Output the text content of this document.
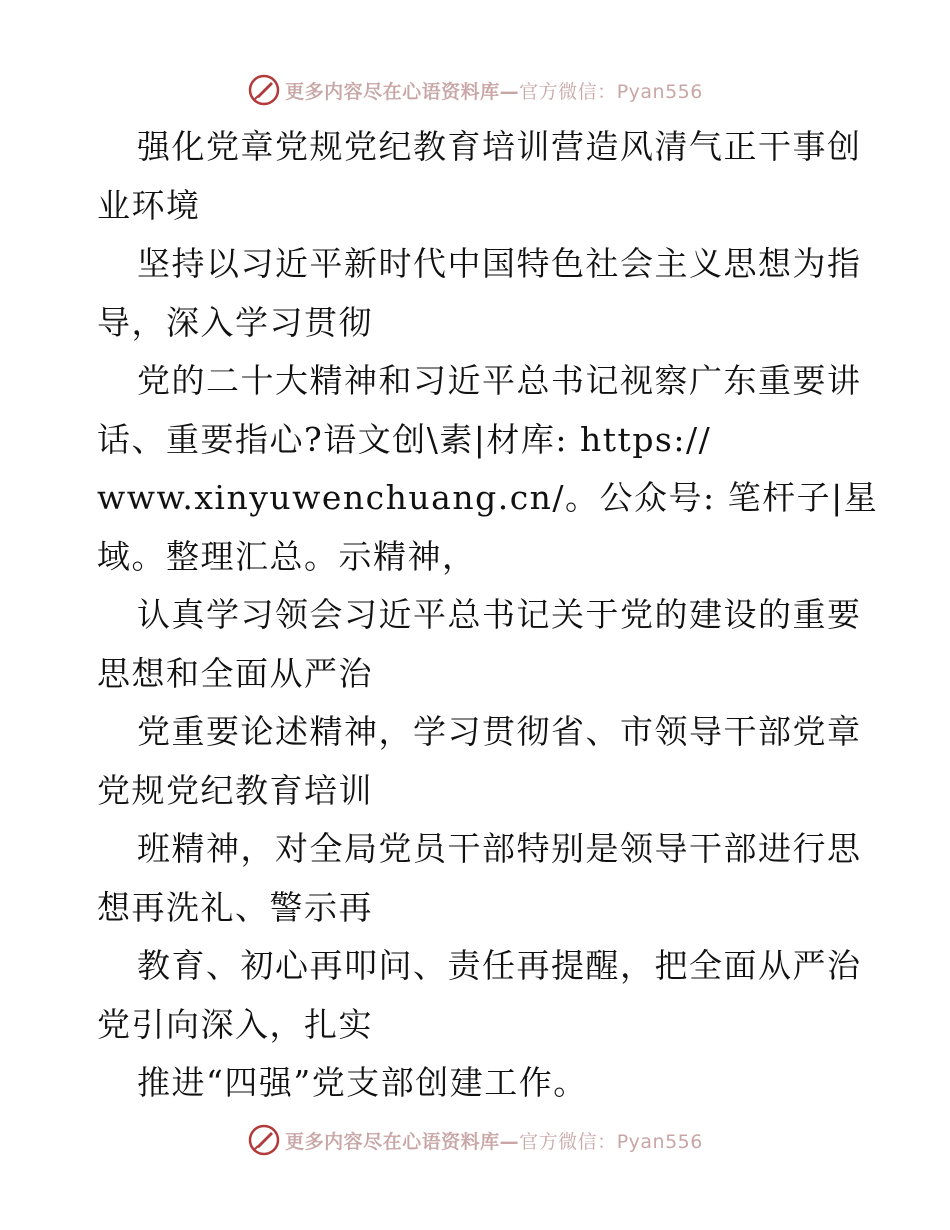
更多内容尽在心语资料库—官方微信：Pyan556
强化党章党规党纪教育培训营造风清气正干事创
业环境
坚持以习近平新时代中国特色社会主义思想为指
导，深入学习贯彻
党的二十大精神和习近平总书记视察广东重要讲
话、重要指心?语文创\素|材库: https://
www.xinyuwenchuang.cn/。公众号: 笔杆子|星
域。整理汇总。示精神，
认真学习领会习近平总书记关于党的建设的重要
思想和全面从严治
党重要论述精神，学习贯彻省、市领导干部党章
党规党纪教育培训
班精神，对全局党员干部特别是领导干部进行思
想再洗礼、警示再
教育、初心再叩问、责任再提醒，把全面从严治
党引向深入，扎实
推进“四强”党支部创建工作。
更多内容尽在心语资料库—官方微信：Pyan556
